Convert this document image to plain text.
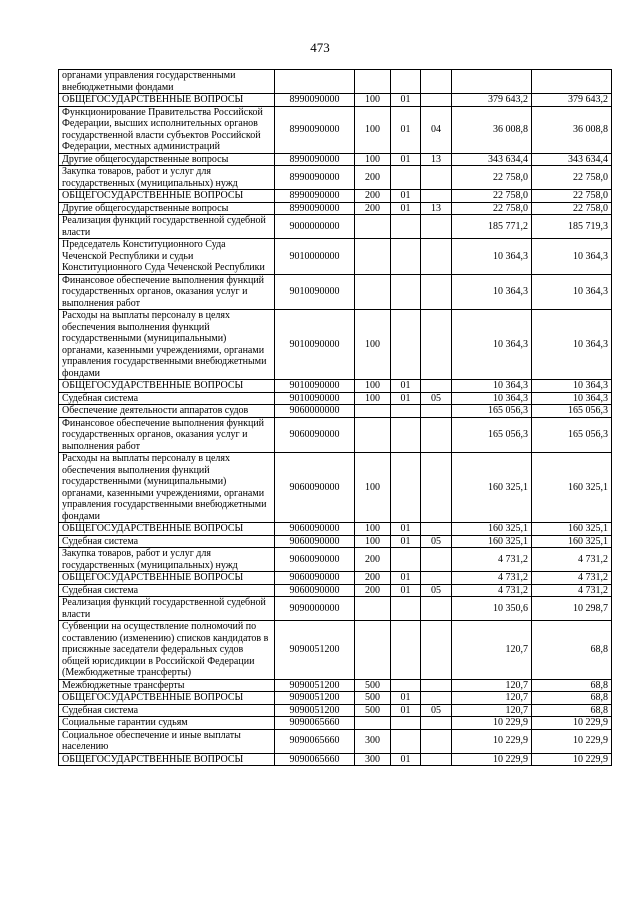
473
органами управления государственными внебюджетными фондами						
ОБЩЕГОСУДАРСТВЕННЫЕ ВОПРОСЫ	8990090000	100	01		379 643,2	379 643,2
Функционирование Правительства Российской Федерации, высших исполнительных органов государственной власти субъектов Российской Федерации, местных администраций	8990090000	100	01	04	36 008,8	36 008,8
Другие общегосударственные вопросы	8990090000	100	01	13	343 634,4	343 634,4
Закупка товаров, работ и услуг для государственных (муниципальных) нужд	8990090000	200			22 758,0	22 758,0
ОБЩЕГОСУДАРСТВЕННЫЕ ВОПРОСЫ	8990090000	200	01		22 758,0	22 758,0
Другие общегосударственные вопросы	8990090000	200	01	13	22 758,0	22 758,0
Реализация функций государственной судебной власти	9000000000				185 771,2	185 719,3
Председатель Конституционного Суда Чеченской Республики и судьи Конституционного Суда Чеченской Республики	9010000000				10 364,3	10 364,3
Финансовое обеспечение выполнения функций государственных органов, оказания услуг и выполнения работ	9010090000				10 364,3	10 364,3
Расходы на выплаты персоналу в целях обеспечения выполнения функций государственными (муниципальными) органами, казенными учреждениями, органами управления государственными внебюджетными фондами	9010090000	100			10 364,3	10 364,3
ОБЩЕГОСУДАРСТВЕННЫЕ ВОПРОСЫ	9010090000	100	01		10 364,3	10 364,3
Судебная система	9010090000	100	01	05	10 364,3	10 364,3
Обеспечение деятельности аппаратов судов	9060000000				165 056,3	165 056,3
Финансовое обеспечение выполнения функций государственных органов, оказания услуг и выполнения работ	9060090000				165 056,3	165 056,3
Расходы на выплаты персоналу в целях обеспечения выполнения функций государственными (муниципальными) органами, казенными учреждениями, органами управления государственными внебюджетными фондами	9060090000	100			160 325,1	160 325,1
ОБЩЕГОСУДАРСТВЕННЫЕ ВОПРОСЫ	9060090000	100	01		160 325,1	160 325,1
Судебная система	9060090000	100	01	05	160 325,1	160 325,1
Закупка товаров, работ и услуг для государственных (муниципальных) нужд	9060090000	200			4 731,2	4 731,2
ОБЩЕГОСУДАРСТВЕННЫЕ ВОПРОСЫ	9060090000	200	01		4 731,2	4 731,2
Судебная система	9060090000	200	01	05	4 731,2	4 731,2
Реализация функций государственной судебной власти	9090000000				10 350,6	10 298,7
Субвенции на осуществление полномочий по составлению (изменению) списков кандидатов в присяжные заседатели федеральных судов общей юрисдикции в Российской Федерации (Межбюджетные трансферты)	9090051200				120,7	68,8
Межбюджетные трансферты	9090051200	500			120,7	68,8
ОБЩЕГОСУДАРСТВЕННЫЕ ВОПРОСЫ	9090051200	500	01		120,7	68,8
Судебная система	9090051200	500	01	05	120,7	68,8
Социальные гарантии судьям	9090065660				10 229,9	10 229,9
Социальное обеспечение и иные выплаты населению	9090065660	300			10 229,9	10 229,9
ОБЩЕГОСУДАРСТВЕННЫЕ ВОПРОСЫ	9090065660	300	01		10 229,9	10 229,9
